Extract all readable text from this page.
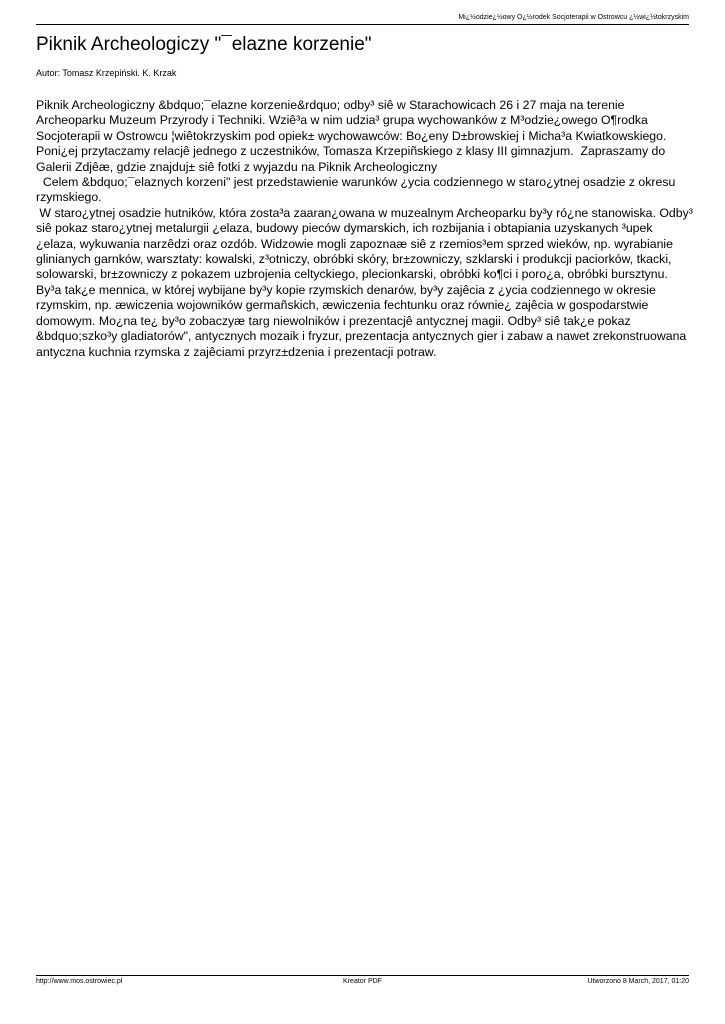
Mi¿½odzie¿½owy O¿½rodek Socjoterapii w Ostrowcu ¿½wi¿½tokrzyskim
Piknik Archeologiczy "¯elazne korzenie"
Autor: Tomasz Krzepiński. K. Krzak

Piknik Archeologiczny &bdquo;¯elazne korzenie&rdquo; odby³ siê w Starachowicach 26 i 27 maja na terenie Archeoparku Muzeum Przyrody i Techniki. Wziê³a w nim udzia³ grupa wychowanków z M³odzie¿owego O¶rodka Socjoterapii w Ostrowcu ¦wiêtokrzyskim pod opiek± wychowawców: Bo¿eny D±browskiej i Micha³a Kwiatkowskiego. Poni¿ej przytaczamy relacjê jednego z uczestników, Tomasza Krzepiñskiego z klasy III gimnazjum.  Zapraszamy do Galerii Zdjêæ, gdzie znajduj± siê fotki z wyjazdu na Piknik Archeologiczny

Celem &bdquo;¯elaznych korzeni" jest przedstawienie warunków ¿ycia codziennego w staro¿ytnej osadzie z okresu rzymskiego.

W staro¿ytnej osadzie hutników, która zosta³a zaaran¿owana w muzealnym Archeoparku by³y ró¿ne stanowiska. Odby³ siê pokaz staro¿ytnej metalurgii ¿elaza, budowy pieców dymarskich, ich rozbijania i obtapiania uzyskanych ³upek ¿elaza, wykuwania narzêdzi oraz ozdób. Widzowie mogli zapoznaæ siê z rzemios³em sprzed wieków, np. wyrabianie glinianych garnków, warsztaty: kowalski, z³otniczy, obróbki skóry, br±zowniczy, szklarski i produkcji paciorków, tkacki, solowarski, br±zowniczy z pokazem uzbrojenia celtyckiego, plecionkarski, obróbki ko¶ci i poro¿a, obróbki bursztynu. By³a tak¿e mennica, w której wybijane by³y kopie rzymskich denarów, by³y zajêcia z ¿ycia codziennego w okresie rzymskim, np. æwiczenia wojowników germañskich, æwiczenia fechtunku oraz równie¿ zajêcia w gospodarstwie domowym. Mo¿na te¿ by³o zobaczyæ targ niewolników i prezentacjê antycznej magii. Odby³ siê tak¿e pokaz &bdquo;szko³y gladiatorów", antycznych mozaik i fryzur, prezentacja antycznych gier i zabaw a nawet zrekonstruowana antyczna kuchnia rzymska z zajêciami przyrz±dzenia i prezentacji potraw.

http://www.mos.ostrowiec.pl	Kreator PDF	Utworzono 8 March, 2017, 01:20
